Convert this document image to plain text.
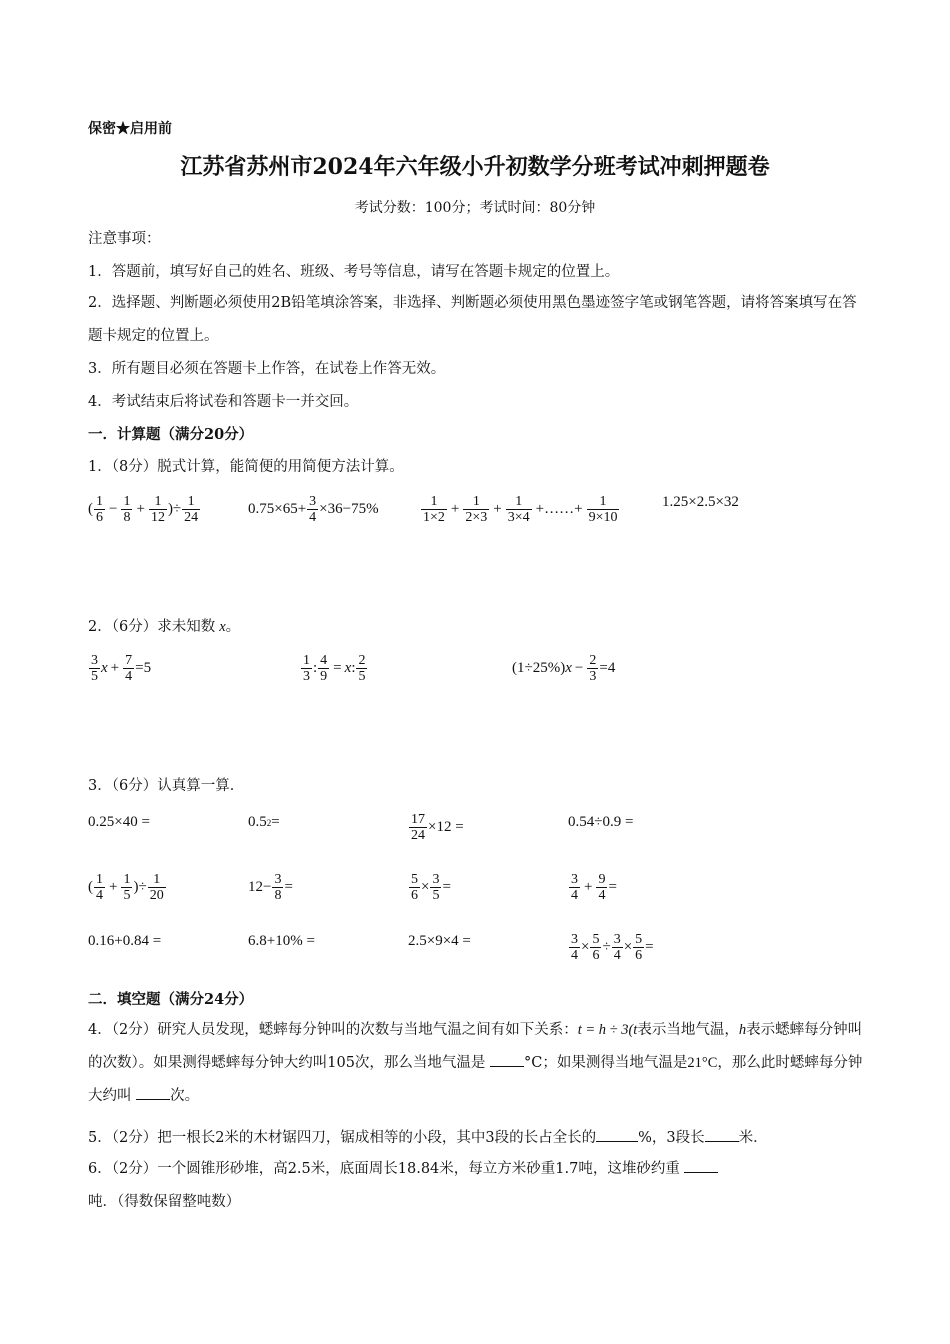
保密★启用前
江苏省苏州市2024年六年级小升初数学分班考试冲刺押题卷
考试分数：100分；考试时间：80分钟
注意事项：
1．答题前，填写好自己的姓名、班级、考号等信息，请写在答题卡规定的位置上。
2．选择题、判断题必须使用2B铅笔填涂答案，非选择、判断题必须使用黑色墨迹签字笔或钢笔答题，请将答案填写在答题卡规定的位置上。
3．所有题目必须在答题卡上作答，在试卷上作答无效。
4．考试结束后将试卷和答题卡一并交回。
一．计算题（满分20分）
1．（8分）脱式计算，能简便的用简便方法计算。
( $\frac{1}{6} - \frac{1}{8} + \frac{1}{12}$ )÷ $\frac{1}{24}$	$0.75\times 65+ \frac{3}{4} \times 36-75\%$	$\frac{1}{1\times 2} + \frac{1}{2\times 3} + \frac{1}{3\times 4}$ +……+ $\frac{1}{9\times 10}$	1.25×2.5×32
2．（6分）求未知数 x。
$\frac{3}{5}$ $x + \frac{7}{4} =5$	$\frac{1}{3}$ : $\frac{4}{9} = x$ : $\frac{2}{5}$	(1÷25%) $x - \frac{2}{3} =4$
3．（6分）认真算一算．
0.25×40 =	0.5 2 =	$\frac{17}{24} \times 12$ =	0.54÷0.9 =
( $\frac{1}{4} + \frac{1}{5}$ )÷ $\frac{1}{20}$	$12- \frac{3}{8}$ =	$\frac{5}{6} \times \frac{3}{5}$ =	$\frac{3}{4} + \frac{9}{4}$ =
0.16+0.84 =	6.8+10% =	2.5×9×4 =	$\frac{3}{4} \times \frac{5}{6} \div \frac{3}{4} \times \frac{5}{6}$ =
二．填空题（满分24分）
4．（2分）研究人员发现，蟋蟀每分钟叫的次数与当地气温之间有如下关系：t = h ÷ 3(t表示当地气温，h表示蟋蟀每分钟叫的次数）。如果测得蟋蟀每分钟大约叫105次，那么当地气温是	°C；如果测得当地气温是21°C，那么此时蟋蟀每分钟大约叫	次。
5．（2分）把一根长2米的木材锯四刀，锯成相等的小段，其中3段的长占全长的	%，3段长 米．
6．（2分）一个圆锥形砂堆，高2.5米，底面周长18.84米，每立方米砂重1.7吨，这堆砂约重 吨．（得数保留整吨数）
